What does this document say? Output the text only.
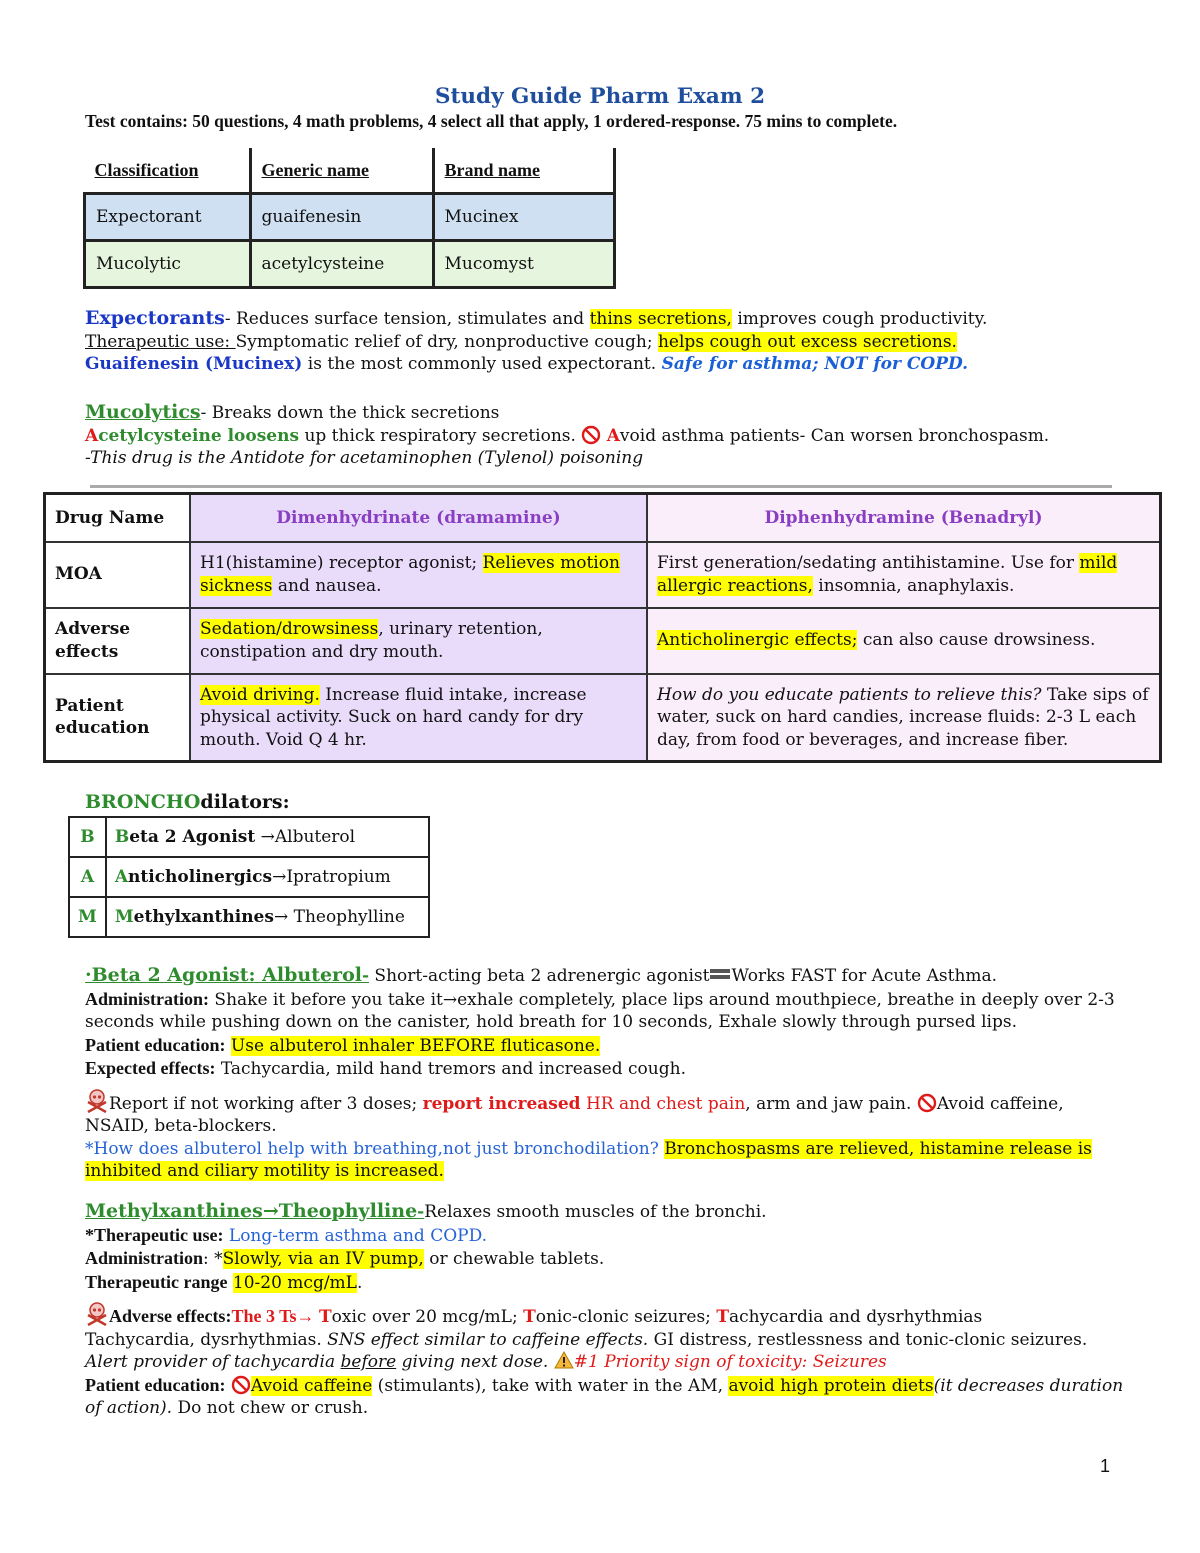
Study Guide Pharm Exam 2
Test contains: 50 questions, 4 math problems, 4 select all that apply, 1 ordered-response. 75 mins to complete.
Classification	Generic name	Brand name
Expectorant	guaifenesin	Mucinex
Mucolytic	acetylcysteine	Mucomyst
Expectorants- Reduces surface tension, stimulates and thins secretions, improves cough productivity.
Therapeutic use: Symptomatic relief of dry, nonproductive cough; helps cough out excess secretions.
Guaifenesin (Mucinex) is the most commonly used expectorant. Safe for asthma; NOT for COPD.
Mucolytics- Breaks down the thick secretions
Acetylcysteine loosens up thick respiratory secretions.  Avoid asthma patients- Can worsen bronchospasm.
-This drug is the Antidote for acetaminophen (Tylenol) poisoning
Drug Name	Dimenhydrinate (dramamine)	Diphenhydramine (Benadryl)
MOA	H1(histamine) receptor agonist; Relieves motion sickness and nausea.	First generation/sedating antihistamine. Use for mild allergic reactions, insomnia, anaphylaxis.
Adverse effects	Sedation/drowsiness, urinary retention, constipation and dry mouth.	Anticholinergic effects; can also cause drowsiness.
Patient education	Avoid driving. Increase fluid intake, increase physical activity. Suck on hard candy for dry mouth. Void Q 4 hr.	How do you educate patients to relieve this? Take sips of water, suck on hard candies, increase fluids: 2-3 L each day, from food or beverages, and increase fiber.
BRONCHOdilators:
B	Beta 2 Agonist →Albuterol
A	Anticholinergics→Ipratropium
M	Methylxanthines→ Theophylline
·Beta 2 Agonist: Albuterol- Short-acting beta 2 adrenergic agonist Works FAST for Acute Asthma.
Administration: Shake it before you take it→exhale completely, place lips around mouthpiece, breathe in deeply over 2-3 seconds while pushing down on the canister, hold breath for 10 seconds, Exhale slowly through pursed lips.
Patient education: Use albuterol inhaler BEFORE fluticasone.
Expected effects: Tachycardia, mild hand tremors and increased cough.
Report if not working after 3 doses; report increased HR and chest pain, arm and jaw pain. Avoid caffeine, NSAID, beta-blockers.
*How does albuterol help with breathing,not just bronchodilation? Bronchospasms are relieved, histamine release is inhibited and ciliary motility is increased.
Methylxanthines→Theophylline-Relaxes smooth muscles of the bronchi.
*Therapeutic use: Long-term asthma and COPD.
Administration: *Slowly, via an IV pump, or chewable tablets.
Therapeutic range 10-20 mcg/mL.
Adverse effects:The 3 Ts→ Toxic over 20 mcg/mL; Tonic-clonic seizures; Tachycardia and dysrhythmias
Tachycardia, dysrhythmias. SNS effect similar to caffeine effects. GI distress, restlessness and tonic-clonic seizures.
Alert provider of tachycardia before giving next dose. #1 Priority sign of toxicity: Seizures
Patient education: Avoid caffeine (stimulants), take with water in the AM, avoid high protein diets(it decreases duration of action). Do not chew or crush.
1
